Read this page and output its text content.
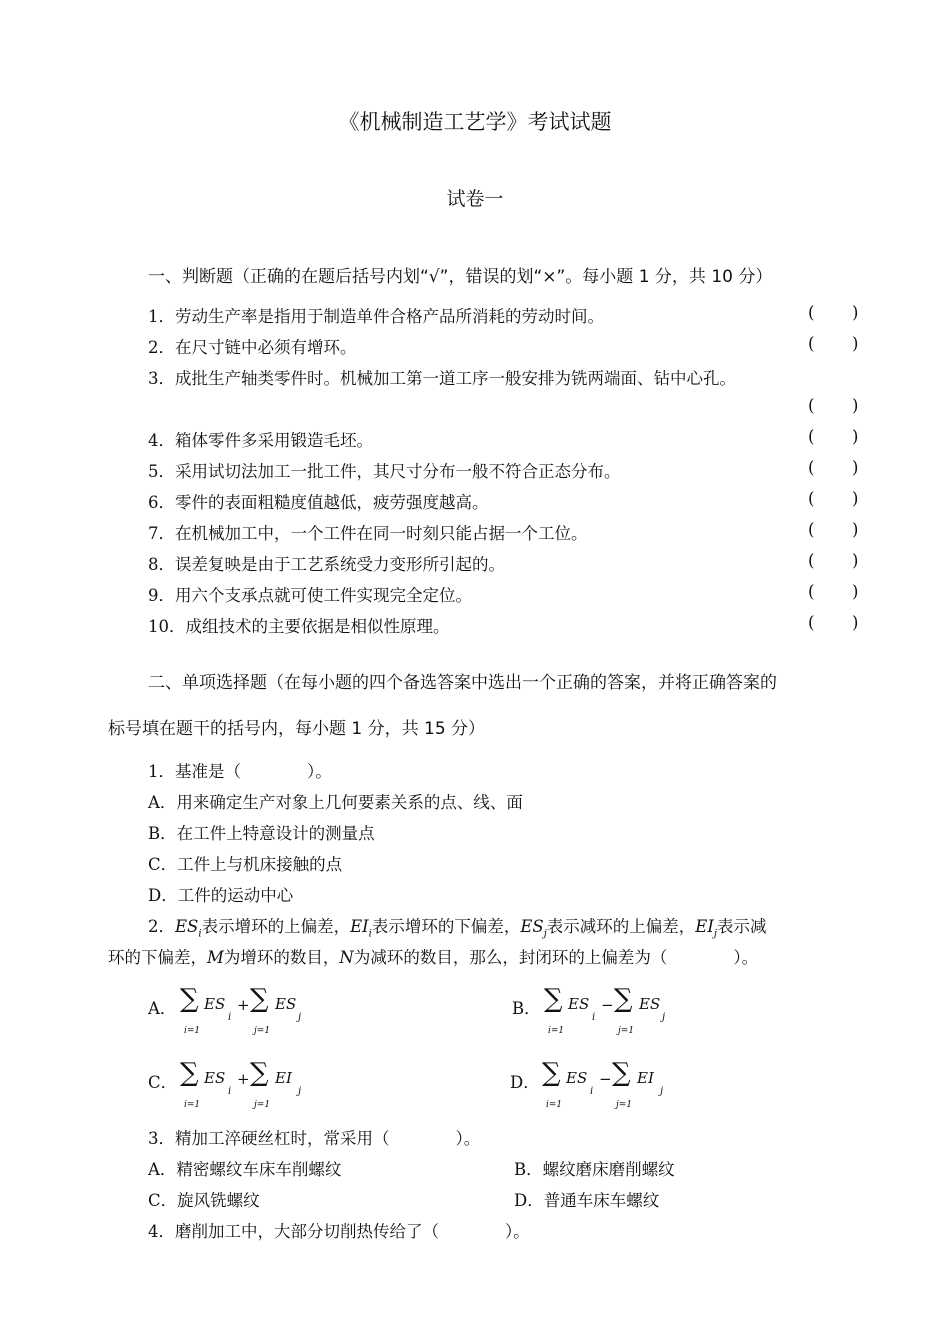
《机械制造工艺学》考试试题
试卷一
一、判断题（正确的在题后括号内划“√”，错误的划“×”。每小题 1 分，共 10 分）
1．劳动生产率是指用于制造单件合格产品所消耗的劳动时间。	( )
2．在尺寸链中必须有增环。	( )
3．成批生产轴类零件时。机械加工第一道工序一般安排为铣两端面、钻中心孔。
( )
4．箱体零件多采用锻造毛坯。	( )
5．采用试切法加工一批工件，其尺寸分布一般不符合正态分布。	( )
6．零件的表面粗糙度值越低，疲劳强度越高。	( )
7．在机械加工中，一个工件在同一时刻只能占据一个工位。	( )
8．误差复映是由于工艺系统受力变形所引起的。	( )
9．用六个支承点就可使工件实现完全定位。	( )
10．成组技术的主要依据是相似性原理。	( )
二、单项选择题（在每小题的四个备选答案中选出一个正确的答案，并将正确答案的
标号填在题干的括号内，每小题 1 分，共 15 分）
1．基准是（　　　　）。
A．用来确定生产对象上几何要素关系的点、线、面
B．在工件上特意设计的测量点
C．工件上与机床接触的点
D．工件的运动中心
2．$ES_i$表示增环的上偏差，$EI_i$表示增环的下偏差，$ES_j$表示减环的上偏差，$EI_j$表示减
环的下偏差，M为增环的数目，N为减环的数目，那么，封闭环的上偏差为（　　　　）。
A． ∑
i=1
ES
i
+ ∑
j=1
ES
j	B． ∑
i=1
ES
i
− ∑
j=1
ES
j
C． ∑
i=1
ES
i
+ ∑
j=1
EI
j	D． ∑
i=1
ES
i
− ∑
j=1
EI
j
3．精加工淬硬丝杠时，常采用（　　　　）。
A．精密螺纹车床车削螺纹	B．螺纹磨床磨削螺纹
C．旋风铣螺纹	D．普通车床车螺纹
4．磨削加工中，大部分切削热传给了（　　　　）。
